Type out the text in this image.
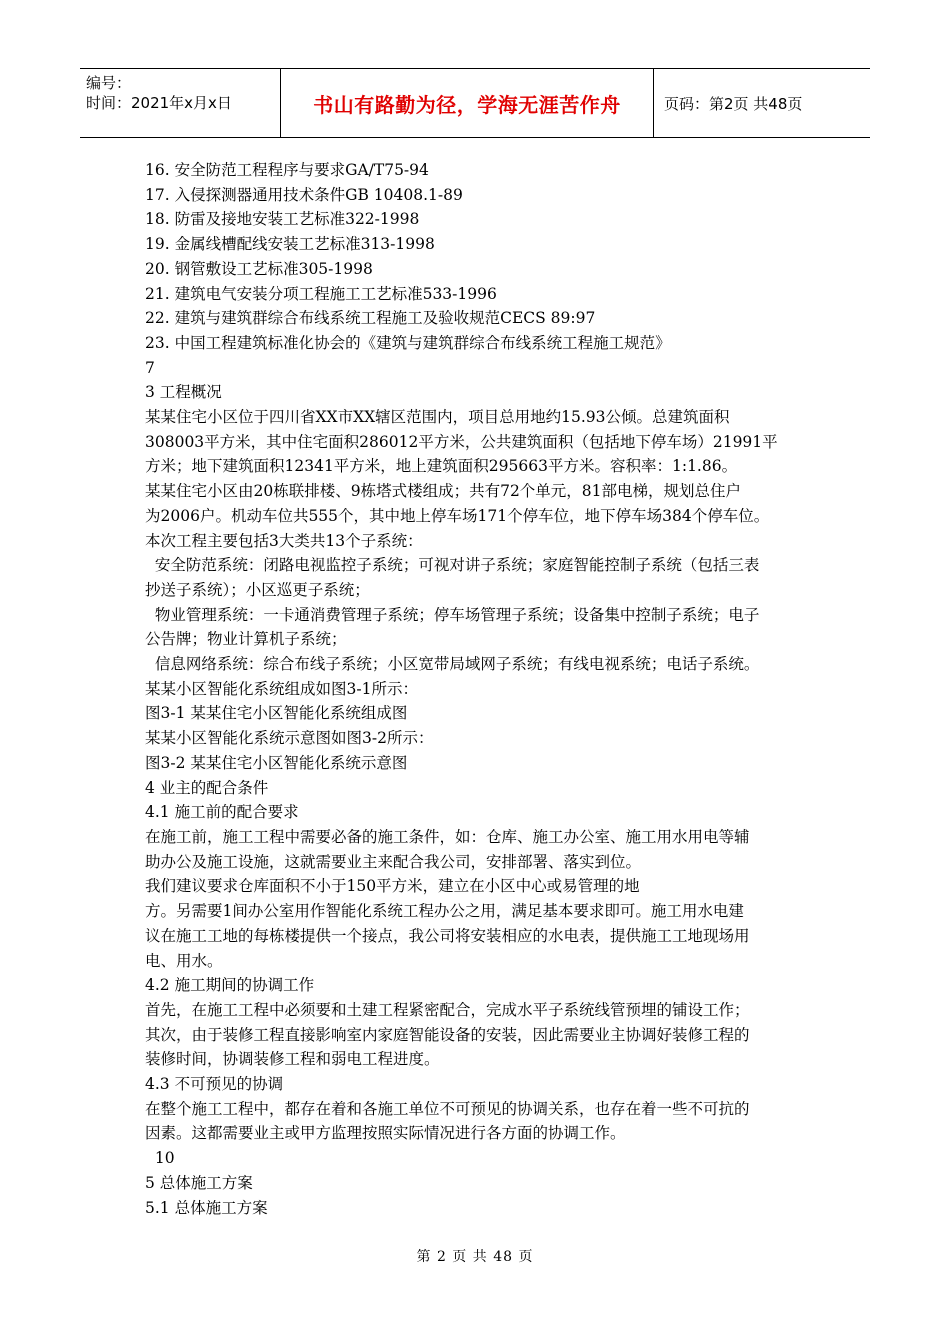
编号：
时间：2021年x月x日	书山有路勤为径，学海无涯苦作舟	页码：第2页 共48页

16. 安全防范工程程序与要求GA/T75-94

17. 入侵探测器通用技术条件GB 10408.1-89

18. 防雷及接地安装工艺标准322-1998

19. 金属线槽配线安装工艺标准313-1998

20. 钢管敷设工艺标准305-1998

21. 建筑电气安装分项工程施工工艺标准533-1996

22. 建筑与建筑群综合布线系统工程施工及验收规范CECS 89:97

23. 中国工程建筑标准化协会的《建筑与建筑群综合布线系统工程施工规范》

7

3 工程概况

某某住宅小区位于四川省XX市XX辖区范围内，项目总用地约15.93公倾。总建筑面积

308003平方米，其中住宅面积286012平方米，公共建筑面积（包括地下停车场）21991平

方米；地下建筑面积12341平方米，地上建筑面积295663平方米。容积率：1:1.86。

某某住宅小区由20栋联排楼、9栋塔式楼组成；共有72个单元，81部电梯，规划总住户

为2006户。机动车位共555个，其中地上停车场171个停车位，地下停车场384个停车位。

本次工程主要包括3大类共13个子系统：

安全防范系统：闭路电视监控子系统；可视对讲子系统；家庭智能控制子系统（包括三表

抄送子系统）；小区巡更子系统；

物业管理系统：一卡通消费管理子系统；停车场管理子系统；设备集中控制子系统；电子

公告牌；物业计算机子系统；

信息网络系统：综合布线子系统；小区宽带局域网子系统；有线电视系统；电话子系统。

某某小区智能化系统组成如图3-1所示：

图3-1 某某住宅小区智能化系统组成图

某某小区智能化系统示意图如图3-2所示：

图3-2 某某住宅小区智能化系统示意图

4 业主的配合条件

4.1 施工前的配合要求

在施工前，施工工程中需要必备的施工条件，如：仓库、施工办公室、施工用水用电等辅

助办公及施工设施，这就需要业主来配合我公司，安排部署、落实到位。

我们建议要求仓库面积不小于150平方米，建立在小区中心或易管理的地

方。另需要1间办公室用作智能化系统工程办公之用，满足基本要求即可。施工用水电建

议在施工工地的每栋楼提供一个接点，我公司将安装相应的水电表，提供施工工地现场用

电、用水。

4.2 施工期间的协调工作

首先，在施工工程中必须要和土建工程紧密配合，完成水平子系统线管预埋的铺设工作；

其次，由于装修工程直接影响室内家庭智能设备的安装，因此需要业主协调好装修工程的

装修时间，协调装修工程和弱电工程进度。

4.3 不可预见的协调

在整个施工工程中，都存在着和各施工单位不可预见的协调关系，也存在着一些不可抗的

因素。这都需要业主或甲方监理按照实际情况进行各方面的协调工作。

10

5 总体施工方案

5.1 总体施工方案

第 2 页 共 48 页
